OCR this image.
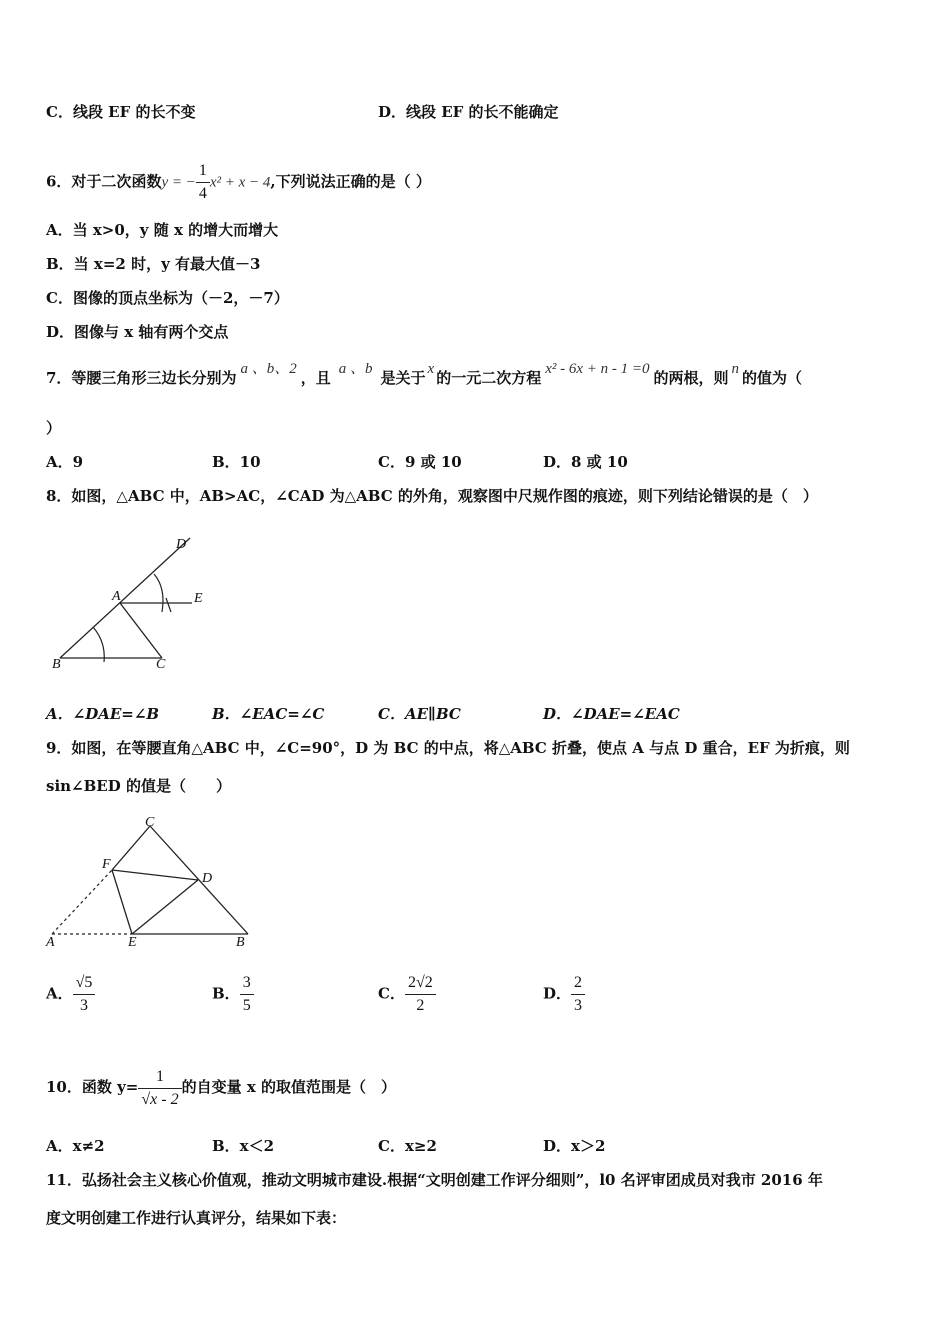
C．线段 EF 的长不变	D．线段 EF 的长不能确定
6．对于二次函数y = − $\frac{1}{4} x^2 + x - 4$,下列说法正确的是（ ）
A．当 x>0，y 随 x 的增大而增大
B．当 x=2 时，y 有最大值－3
C．图像的顶点坐标为（－2，－7）
D．图像与 x 轴有两个交点
7．等腰三角形三边长分别为 a 、b、2 ，且 a 、b 是关于 x 的一元二次方程 x² - 6x + n - 1 =0 的两根，则 n 的值为（
）
A．9	B．10	C．9 或 10	D．8 或 10
8．如图，△ABC 中，AB>AC，∠CAD 为△ABC 的外角，观察图中尺规作图的痕迹，则下列结论错误的是（　）
D
A	E
B	C
A．∠DAE=∠B	B．∠EAC=∠C	C．AE∥BC	D．∠DAE=∠EAC
9．如图，在等腰直角△ABC 中，∠C=90°，D 为 BC 的中点，将△ABC 折叠，使点 A 与点 D 重合，EF 为折痕，则
sin∠BED 的值是（　　）
C
F
D
A	E	B
A． $\frac{√5}{3}$	B． $\frac{3}{5}$	C． $\frac{2√2}{2}$	D． $\frac{2}{3}$
10．函数 $y= \frac{1}{√x - 2}$ 的自变量 x 的取值范围是（　）
A．x≠2	B．x＜2	C．x≥2	D．x＞2
11．弘扬社会主义核心价值观，推动文明城市建设.根据“文明创建工作评分细则”，l0 名评审团成员对我市 2016 年
度文明创建工作进行认真评分，结果如下表：
